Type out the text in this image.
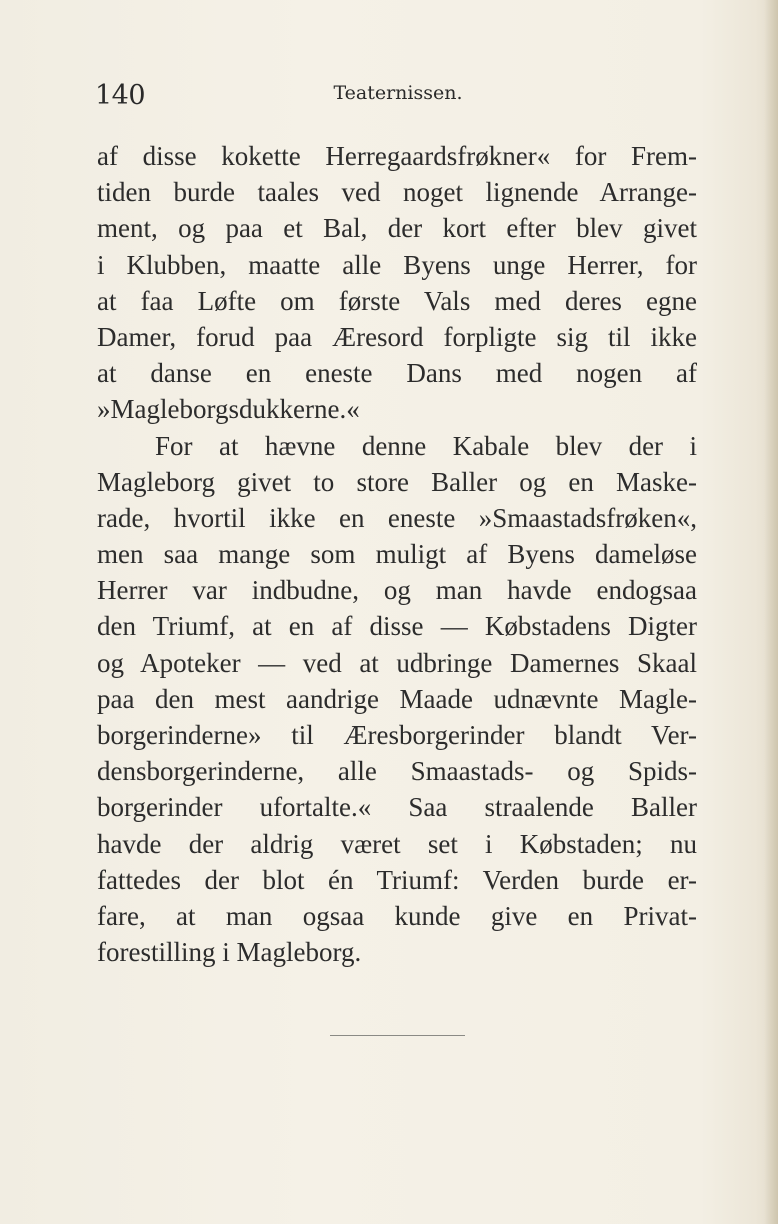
140	Teaternissen.
af disse kokette Herregaardsfrøkner« for Frem-
tiden burde taales ved noget lignende Arrange-
ment, og paa et Bal, der kort efter blev givet
i Klubben, maatte alle Byens unge Herrer, for
at faa Løfte om første Vals med deres egne
Damer, forud paa Æresord forpligte sig til ikke
at danse en eneste Dans med nogen af
»Magleborgsdukkerne.«
For at hævne denne Kabale blev der i
Magleborg givet to store Baller og en Maske-
rade, hvortil ikke en eneste »Smaastadsfrøken«,
men saa mange som muligt af Byens dameløse
Herrer var indbudne, og man havde endogsaa
den Triumf, at en af disse — Købstadens Digter
og Apoteker — ved at udbringe Damernes Skaal
paa den mest aandrige Maade udnævnte Magle-
borgerinderne» til Æresborgerinder blandt Ver-
densborgerinderne, alle Smaastads- og Spids-
borgerinder ufortalte.« Saa straalende Baller
havde der aldrig været set i Købstaden; nu
fattedes der blot én Triumf: Verden burde er-
fare, at man ogsaa kunde give en Privat-
forestilling i Magleborg.
